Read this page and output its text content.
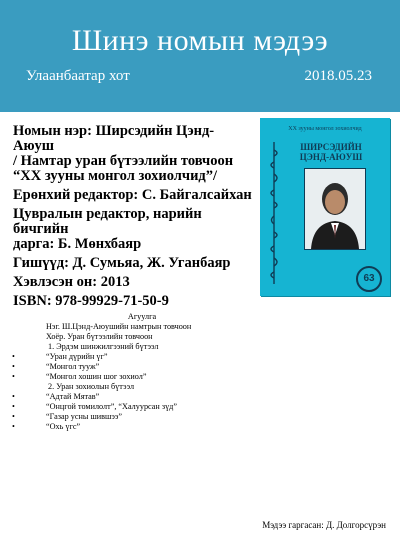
Шинэ номын мэдээ
Улаанбаатар хот	2018.05.23
Номын нэр: Ширсэдийн Цэнд-Аюуш
/ Намтар уран бүтээлийн товчоон
“XX зууны монгол зохиолчид”/
Ерөнхий редактор: С. Байгалсайхан
Цувралын редактор, нарийн бичгийн
дарга: Б. Мөнхбаяр
Гишүүд: Д. Сумьяа, Ж. Уганбаяр
Хэвлэсэн он: 2013
ISBN: 978-99929-71-50-9
XX зууны монгол зохиолчид
ШИРСЭДИЙН
ЦЭНД-АЮУШ
63
Агуулга
Нэг. Ш.Цэнд-Аюушийн намтрын товчоон
Хоёр. Уран бүтээлийн товчоон
1. Эрдэм шинжилгээний бүтээл
•	“Уран дүрийн үг”
•	“Монгол тууж”
•	“Монгол хошин шог зохиол”
2. Уран зохиолын бүтээл
•	“Адтай Мятав”
•	“Онцгой томилолт”, “Халуурсан зүд”
•	“Газар усны шившээ”
•	“Охь үгс”
Мэдээ гаргасан: Д. Долгорсүрэн
